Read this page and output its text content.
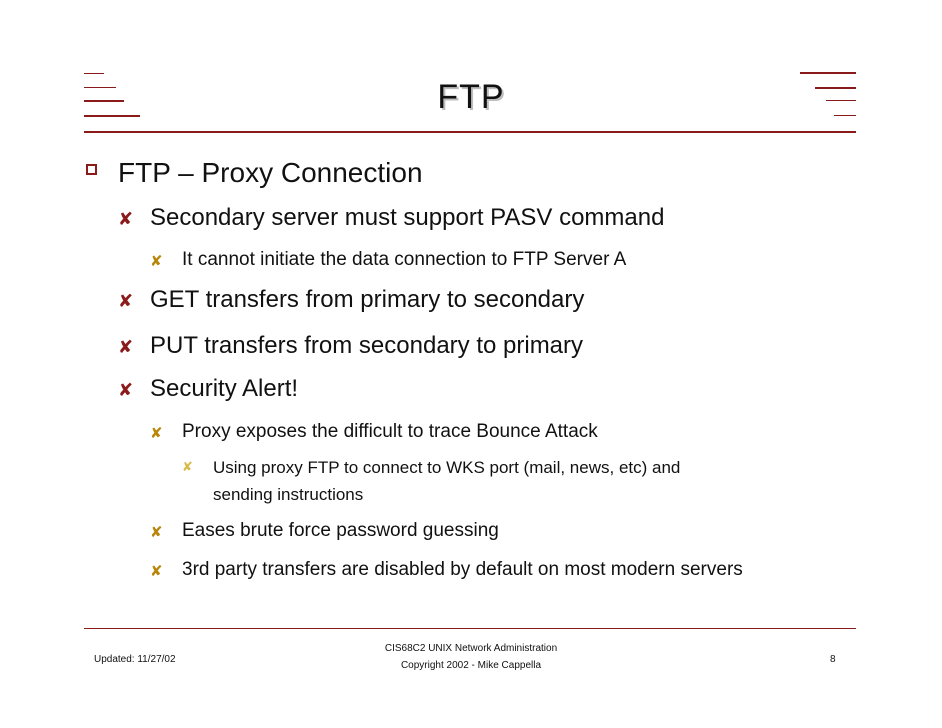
FTP
FTP – Proxy Connection
✘ Secondary server must support PASV command
✘ It cannot initiate the data connection to FTP Server A
✘ GET transfers from primary to secondary
✘ PUT transfers from secondary to primary
✘ Security Alert!
✘ Proxy exposes the difficult to trace Bounce Attack
✘ Using proxy FTP to connect to WKS port (mail, news, etc) and
sending instructions
✘ Eases brute force password guessing
✘ 3rd party transfers are disabled by default on most modern servers
Updated: 11/27/02
CIS68C2 UNIX Network Administration
Copyright 2002 - Mike Cappella
8
